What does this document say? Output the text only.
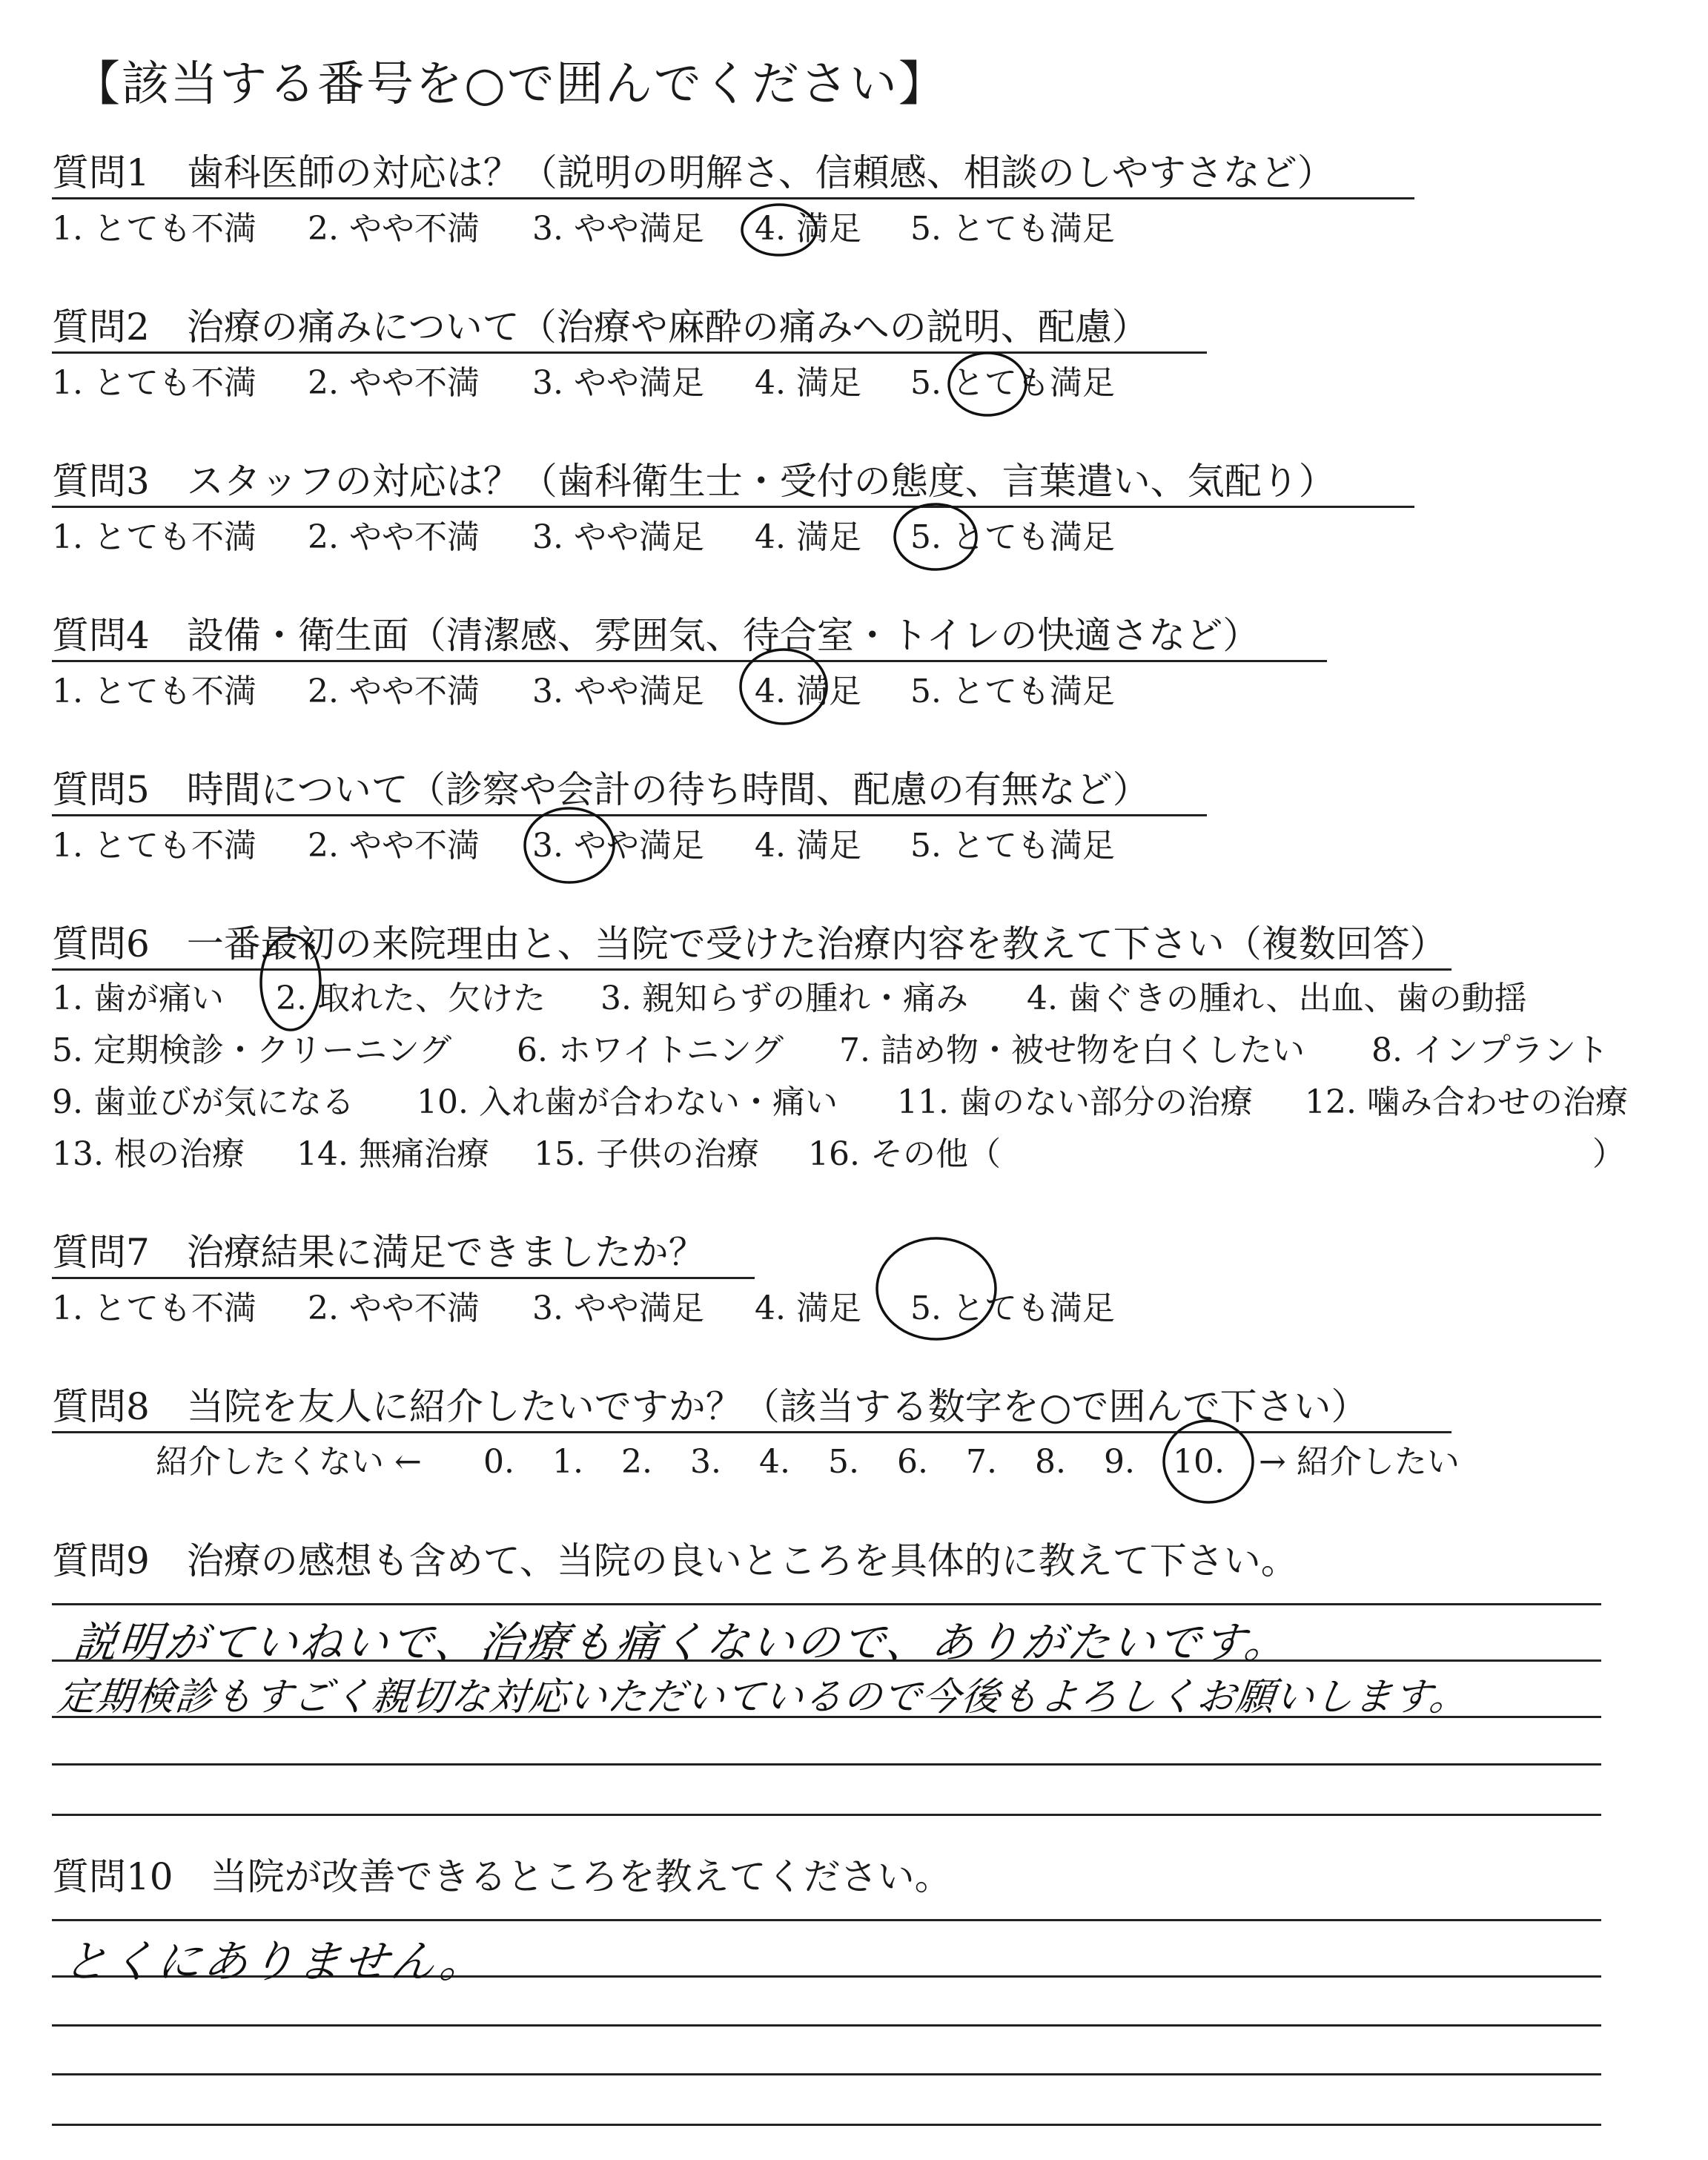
【該当する番号を○で囲んでください】
質問1　歯科医師の対応は？（説明の明解さ、信頼感、相談のしやすさなど）
1. とても不満 2. やや不満 3. やや満足 4. 満足 5. とても満足
質問2　治療の痛みについて（治療や麻酔の痛みへの説明、配慮）
1. とても不満 2. やや不満 3. やや満足 4. 満足 5. とても満足
質問3　スタッフの対応は？（歯科衛生士・受付の態度、言葉遣い、気配り）
1. とても不満 2. やや不満 3. やや満足 4. 満足 5. とても満足
質問4　設備・衛生面（清潔感、雰囲気、待合室・トイレの快適さなど）
1. とても不満 2. やや不満 3. やや満足 4. 満足 5. とても満足
質問5　時間について（診察や会計の待ち時間、配慮の有無など）
1. とても不満 2. やや不満 3. やや満足 4. 満足 5. とても満足
質問6　一番最初の来院理由と、当院で受けた治療内容を教えて下さい（複数回答）
1. 歯が痛い 2. 取れた、欠けた 3. 親知らずの腫れ・痛み 4. 歯ぐきの腫れ、出血、歯の動揺
5. 定期検診・クリーニング 6. ホワイトニング 7. 詰め物・被せ物を白くしたい 8. インプラント
9. 歯並びが気になる 10. 入れ歯が合わない・痛い 11. 歯のない部分の治療 12. 噛み合わせの治療
13. 根の治療 14. 無痛治療 15. 子供の治療 16. その他（	）
質問7　治療結果に満足できましたか？
1. とても不満 2. やや不満 3. やや満足 4. 満足 5. とても満足
質問8　当院を友人に紹介したいですか？（該当する数字を○で囲んで下さい）
紹介したくない ← 0. 1. 2. 3. 4. 5. 6. 7. 8. 9. 10. → 紹介したい
質問9　治療の感想も含めて、当院の良いところを具体的に教えて下さい。
説明がていねいで、治療も痛くないので、ありがたいです。
定期検診もすごく親切な対応いただいているので今後もよろしくお願いします。
質問10　当院が改善できるところを教えてください。
とくにありません。
